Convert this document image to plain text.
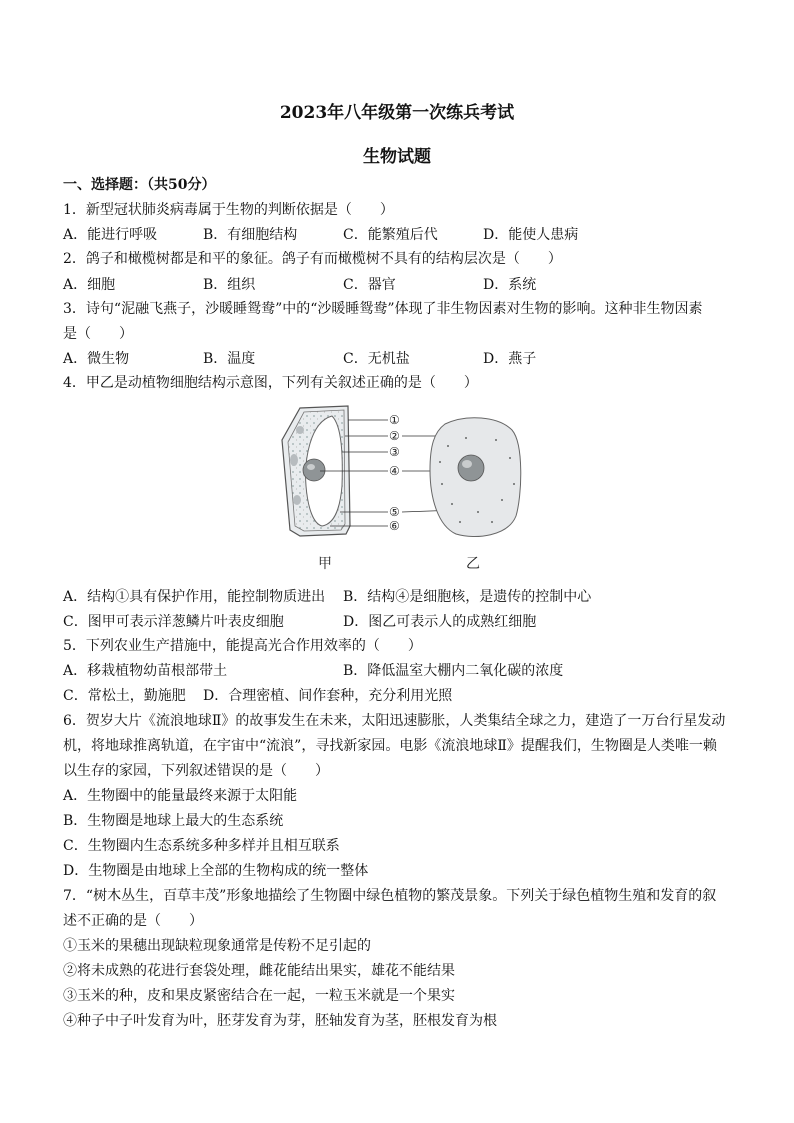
2023年八年级第一次练兵考试
生物试题
一、选择题：（共50分）
1．新型冠状肺炎病毒属于生物的判断依据是（　　）
A．能进行呼吸	B．有细胞结构	C．能繁殖后代	D．能使人患病
2．鸽子和橄榄树都是和平的象征。鸽子有而橄榄树不具有的结构层次是（　　）
A．细胞	B．组织	C．器官	D．系统
3．诗句“泥融飞燕子，沙暖睡鸳鸯”中的“沙暖睡鸳鸯”体现了非生物因素对生物的影响。这种非生物因素
是（　　）
A．微生物	B．温度	C．无机盐	D．燕子
4．甲乙是动植物细胞结构示意图，下列有关叙述正确的是（　　）
①
②
③
④
⑤
⑥
甲	乙
A．结构①具有保护作用，能控制物质进出 B．结构④是细胞核，是遗传的控制中心
C．图甲可表示洋葱鳞片叶表皮细胞	D．图乙可表示人的成熟红细胞
5．下列农业生产措施中，能提高光合作用效率的（　　）
A．移栽植物幼苗根部带土	B．降低温室大棚内二氧化碳的浓度
C．常松土，勤施肥 D．合理密植、间作套种，充分利用光照
6．贺岁大片《流浪地球Ⅱ》的故事发生在未来，太阳迅速膨胀，人类集结全球之力，建造了一万台行星发动
机，将地球推离轨道，在宇宙中“流浪”，寻找新家园。电影《流浪地球Ⅱ》提醒我们，生物圈是人类唯一赖
以生存的家园，下列叙述错误的是（　　）
A．生物圈中的能量最终来源于太阳能
B．生物圈是地球上最大的生态系统
C．生物圈内生态系统多种多样并且相互联系
D．生物圈是由地球上全部的生物构成的统一整体
7．“树木丛生，百草丰茂”形象地描绘了生物圈中绿色植物的繁茂景象。下列关于绿色植物生殖和发育的叙
述不正确的是（　　）
①玉米的果穗出现缺粒现象通常是传粉不足引起的
②将未成熟的花进行套袋处理，雌花能结出果实，雄花不能结果
③玉米的种，皮和果皮紧密结合在一起，一粒玉米就是一个果实
④种子中子叶发育为叶，胚芽发育为芽，胚轴发育为茎，胚根发育为根
